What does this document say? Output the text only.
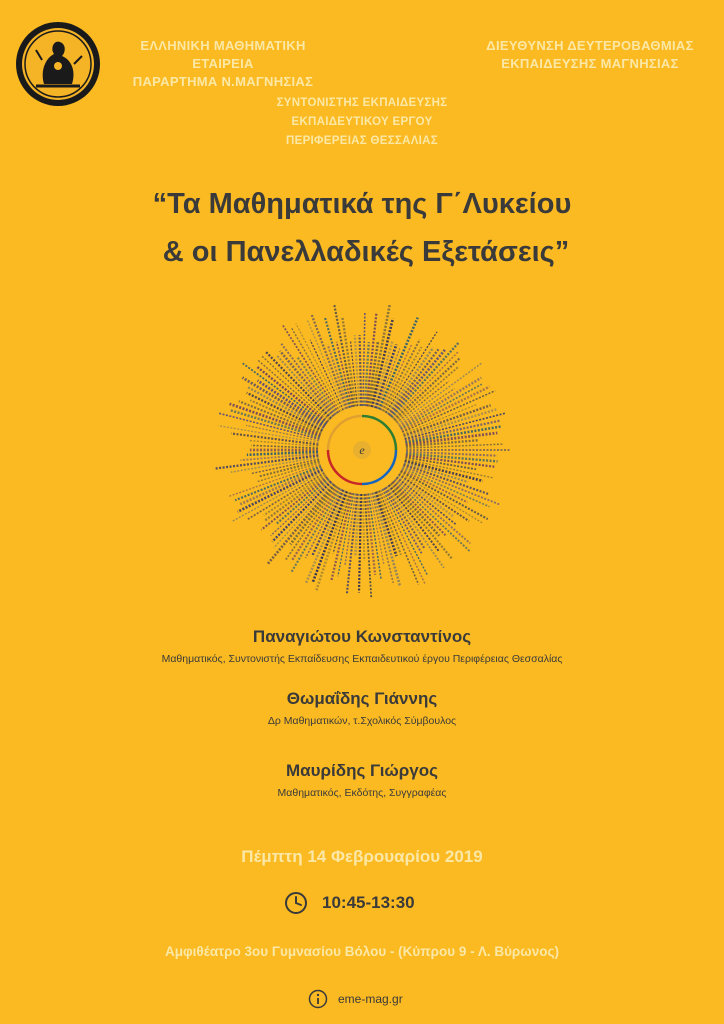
ΕΛΛΗΝΙΚΗ ΜΑΘΗΜΑΤΙΚΗ ΕΤΑΙΡΕΙΑ
ΠΑΡΑΡΤΗΜΑ Ν.ΜΑΓΝΗΣΙΑΣ
ΔΙΕΥΘΥΝΣΗ ΔΕΥΤΕΡΟΒΑΘΜΙΑΣ
ΕΚΠΑΙΔΕΥΣΗΣ ΜΑΓΝΗΣΙΑΣ
ΣΥΝΤΟΝΙΣΤΗΣ ΕΚΠΑΙΔΕΥΣΗΣ
ΕΚΠΑΙΔΕΥΤΙΚΟΥ ΕΡΓΟΥ
ΠΕΡΙΦΕΡΕΙΑΣ ΘΕΣΣΑΛΙΑΣ
“Τα Μαθηματικά της Γ΄Λυκείου
& οι Πανελλαδικές Εξετάσεις”
e
Παναγιώτου Κωνσταντίνος
Μαθηματικός, Συντονιστής Εκπαίδευσης Εκπαιδευτικού έργου Περιφέρειας Θεσσαλίας
Θωμαΐδης Γιάννης
Δρ Μαθηματικών, τ.Σχολικός Σύμβουλος
Μαυρίδης Γιώργος
Μαθηματικός, Εκδότης, Συγγραφέας
Πέμπτη 14 Φεβρουαρίου 2019
10:45-13:30
Αμφιθέατρο 3ου Γυμνασίου Βόλου - (Κύπρου 9 - Λ. Βύρωνος)
eme-mag.gr
